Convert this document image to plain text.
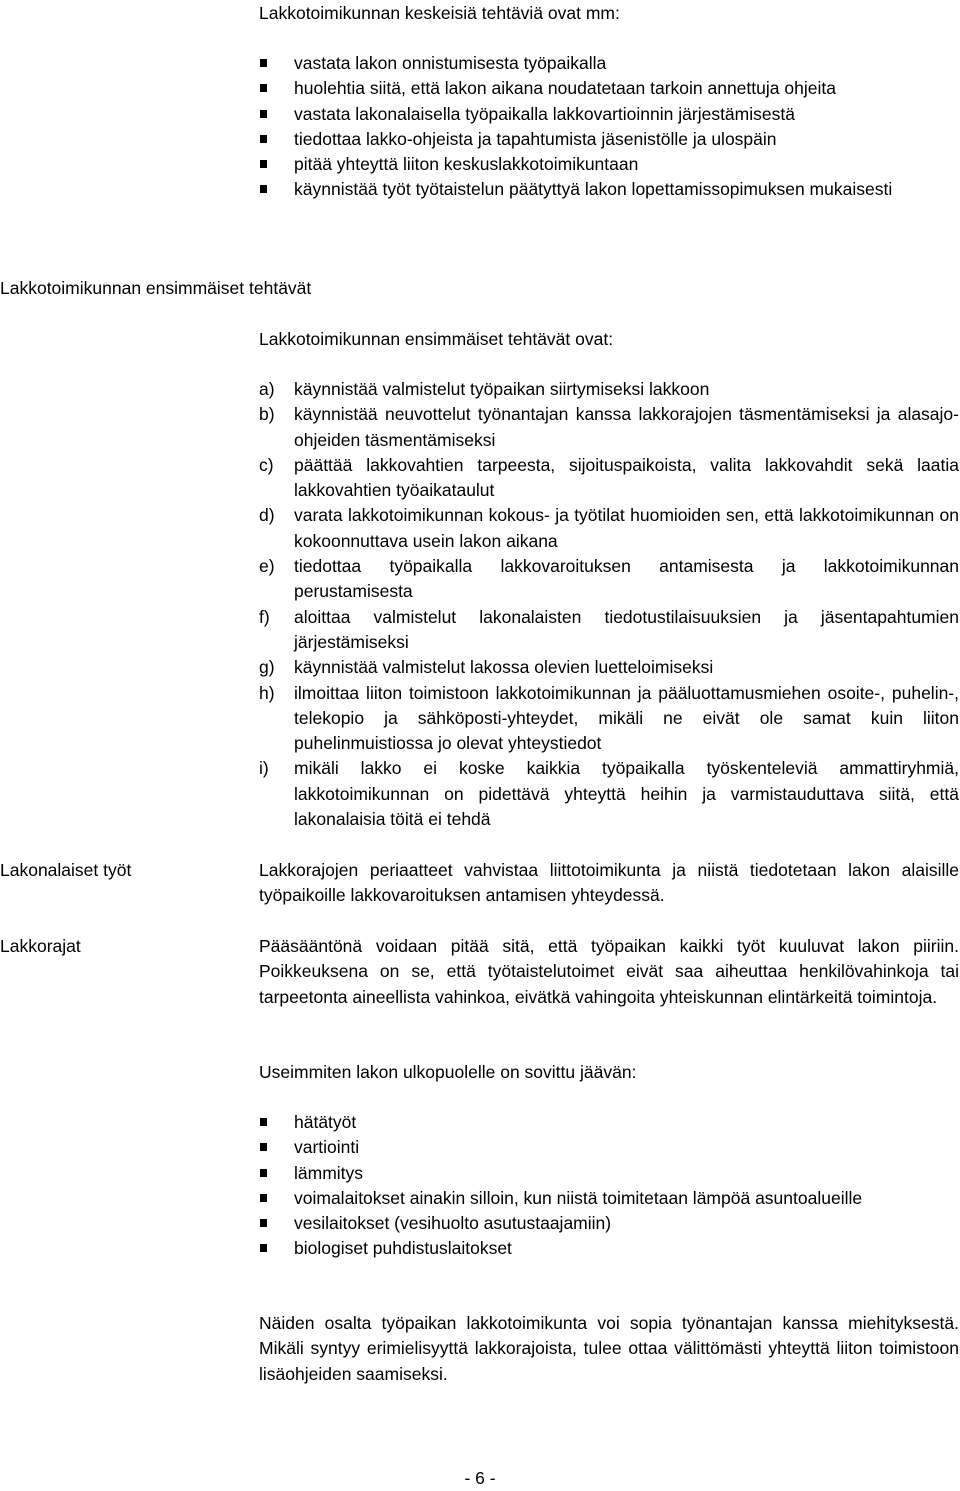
Lakkotoimikunnan keskeisiä tehtäviä ovat mm:
vastata lakon onnistumisesta työpaikalla
huolehtia siitä, että lakon aikana noudatetaan tarkoin annettuja ohjeita
vastata lakonalaisella työpaikalla lakkovartioinnin järjestämisestä
tiedottaa lakko-ohjeista ja tapahtumista jäsenistölle ja ulospäin
pitää yhteyttä liiton keskuslakkotoimikuntaan
käynnistää työt työtaistelun päätyttyä lakon lopettamissopimuksen mukaisesti
Lakkotoimikunnan ensimmäiset tehtävät
Lakkotoimikunnan ensimmäiset tehtävät ovat:
a) käynnistää valmistelut työpaikan siirtymiseksi lakkoon
b) käynnistää neuvottelut työnantajan kanssa lakkorajojen täsmentämiseksi ja alasajo-ohjeiden täsmentämiseksi
c) päättää lakkovahtien tarpeesta, sijoituspaikoista, valita lakkovahdit sekä laatia lakkovahtien työaikataulut
d) varata lakkotoimikunnan kokous- ja työtilat huomioiden sen, että lakkotoimikunnan on kokoonnuttava usein lakon aikana
e) tiedottaa työpaikalla lakkovaroituksen antamisesta ja lakkotoimikunnan perustamisesta
f) aloittaa valmistelut lakonalaisten tiedotustilaisuuksien ja jäsentapahtumien järjestämiseksi
g) käynnistää valmistelut lakossa olevien luetteloimiseksi
h) ilmoittaa liiton toimistoon lakkotoimikunnan ja pääluottamusmiehen osoite-, puhelin-, telekopio ja sähköposti-yhteydet, mikäli ne eivät ole samat kuin liiton puhelinmuistiossa jo olevat yhteystiedot
i) mikäli lakko ei koske kaikkia työpaikalla työskenteleviä ammattiryhmiä, lakkotoimikunnan on pidettävä yhteyttä heihin ja varmistauduttava siitä, että lakonalaisia töitä ei tehdä
Lakonalaiset työt	Lakkorajojen periaatteet vahvistaa liittotoimikunta ja niistä tiedotetaan lakon alaisille työpaikoille lakkovaroituksen antamisen yhteydessä.
Lakkorajat	Pääsääntönä voidaan pitää sitä, että työpaikan kaikki työt kuuluvat lakon piiriin. Poikkeuksena on se, että työtaistelutoimet eivät saa aiheuttaa henkilövahinkoja tai tarpeetonta aineellista vahinkoa, eivätkä vahingoita yhteiskunnan elintärkeitä toimintoja.
Useimmiten lakon ulkopuolelle on sovittu jäävän:
hätätyöt
vartiointi
lämmitys
voimalaitokset ainakin silloin, kun niistä toimitetaan lämpöä asuntoalueille
vesilaitokset (vesihuolto asutustaajamiin)
biologiset puhdistuslaitokset
Näiden osalta työpaikan lakkotoimikunta voi sopia työnantajan kanssa miehityksestä. Mikäli syntyy erimielisyyttä lakkorajoista, tulee ottaa välittömästi yhteyttä liiton toimistoon lisäohjeiden saamiseksi.
- 6 -
